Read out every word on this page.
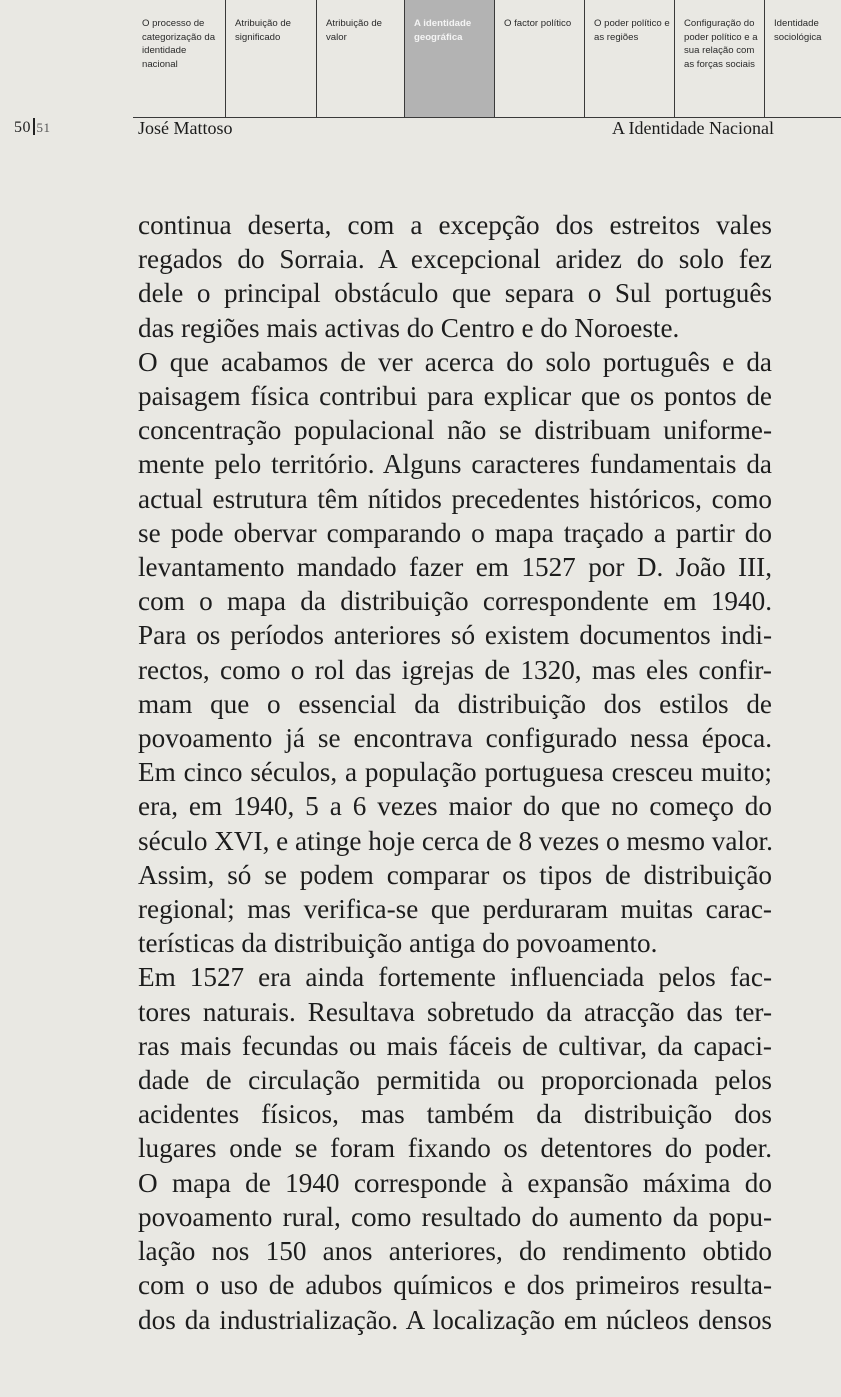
O processo de categorização da identidade nacional
Atribuição de significado
Atribuição de valor
A identidade geográfica
O factor político	O poder político e as regiões
Configuração do poder político e a sua relação com as forças sociais
Identidade sociológica
50 51	José Mattoso	A Identidade Nacional
continua deserta, com a excepção dos estreitos vales
regados do Sorraia. A excepcional aridez do solo fez
dele o principal obstáculo que separa o Sul português
das regiões mais activas do Centro e do Noroeste.
O que acabamos de ver acerca do solo português e da
paisagem física contribui para explicar que os pontos de
concentração populacional não se distribuam uniforme-
mente pelo território. Alguns caracteres fundamentais da
actual estrutura têm nítidos precedentes históricos, como
se pode obervar comparando o mapa traçado a partir do
levantamento mandado fazer em 1527 por D. João III,
com o mapa da distribuição correspondente em 1940.
Para os períodos anteriores só existem documentos indi-
rectos, como o rol das igrejas de 1320, mas eles confir-
mam que o essencial da distribuição dos estilos de
povoamento já se encontrava configurado nessa época.
Em cinco séculos, a população portuguesa cresceu muito;
era, em 1940, 5 a 6 vezes maior do que no começo do
século XVI, e atinge hoje cerca de 8 vezes o mesmo valor.
Assim, só se podem comparar os tipos de distribuição
regional; mas verifica-se que perduraram muitas carac-
terísticas da distribuição antiga do povoamento.
Em 1527 era ainda fortemente influenciada pelos fac-
tores naturais. Resultava sobretudo da atracção das ter-
ras mais fecundas ou mais fáceis de cultivar, da capaci-
dade de circulação permitida ou proporcionada pelos
acidentes físicos, mas também da distribuição dos
lugares onde se foram fixando os detentores do poder.
O mapa de 1940 corresponde à expansão máxima do
povoamento rural, como resultado do aumento da popu-
lação nos 150 anos anteriores, do rendimento obtido
com o uso de adubos químicos e dos primeiros resulta-
dos da industrialização. A localização em núcleos densos
